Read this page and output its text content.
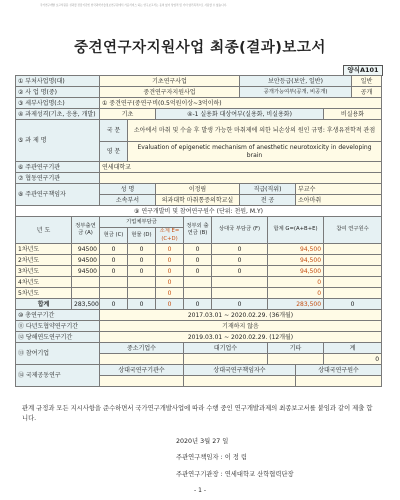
국가연구개발 보고서원문 성과물 전담기관인 한국과학기술정보연구원에서 가공서비스 하는 연구보고서는 동의 없이 상업적 및 기타 영리목적으로 사용할 수 없습니다.
중견연구자지원사업 최종(결과)보고서
양식A101
① 부처사업명(대)		기초연구사업					보안등급(보안, 일반)				일반
② 사 업 명(중)		중견연구자지원사업					공개가능여부(공개, 비공개)				공개
③ 세부사업명(소)		① 중견연구(중연구비(0.5억원이상~3억이하)									
④ 과제성격(기초, 응용, 개발)		기초		④-1 실용화 대상여부(실용화, 비실용화)						비실용화	
⑤ 과 제 명		국 문	소아에서 마취 및 수술 후 발생 가능한 마취제에 의한 뇌손상의 원인 규명: 후생유전학적 관점								
		영 문	Evaluation of epigenetic mechanism of anesthetic neurotoxicity in developing brain								
⑥ 주관연구기관		연세대학교									
⑦ 협동연구기관											
⑧ 주관연구책임자		성 명		이정림			직급(직위)		부교수		
		소속부서		의과대학 마취통증의학교실			전 공		소아마취		
⑨ 연구개발비 및 참여연구원수 (단위: 천원, M.Y)											
년 도	정부출연금 (A)	기업체부담금			정부외 출연금 (B)	상대국 부담금 (F)		합계 G=(A+B+E)		참여 연구원수	
		현금 (C)	현물 (D)	소계 E=(C+D)							
1차년도	94500	0	0	0	0	0		94,500			
2차년도	94500	0	0	0	0	0		94,500			
3차년도	94500	0	0	0	0	0		94,500			
4차년도				0				0			
5차년도				0				0			
합계	283,500	0	0	0	0	0		283,500		0	
⑩ 총연구기간		2017.03.01 ~ 2020.02.29. (36개월)									
⑪ 다년도협약연구기간		기재하지 않음									
⑫ 당해연도연구기간		2019.03.01 ~ 2020.02.29. (12개월)									
⑬ 참여기업		중소기업수			대기업수			기타		계	
										0	
⑭ 국제공동연구		상대국연구기관수			상대국연구책임자수				상대국연구원수		

관계 규정과 모든 지시사항을 준수하면서 국가연구개발사업에 따라 수행 중인 연구개발과제의 최종보고서를 붙임과 같이 제출 합니다.
2020년 3월 27 일
주관연구책임자 : 이 정 림
주관연구기관장 : 연세대학교 산학협력단장
- 1 -
